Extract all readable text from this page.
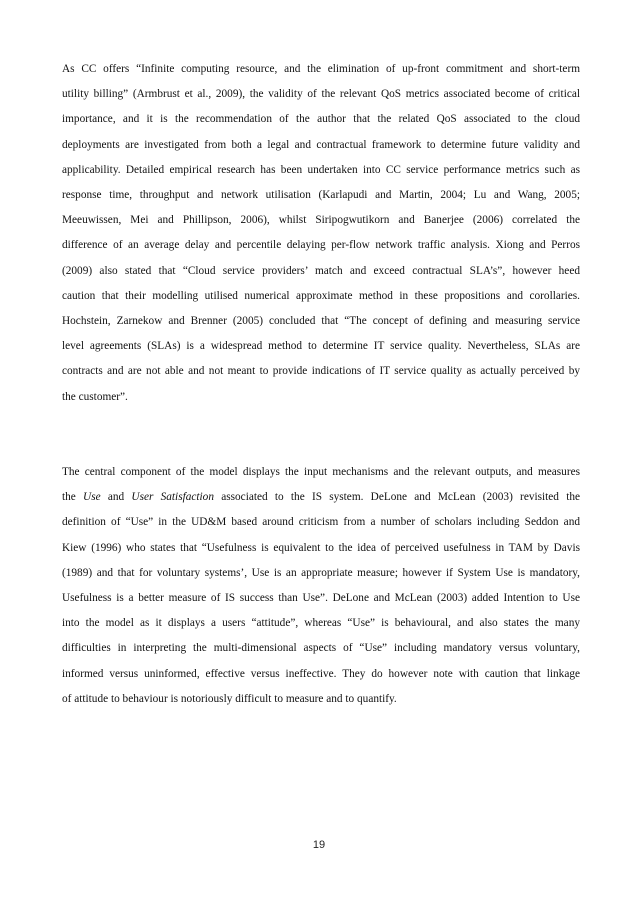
As CC offers “Infinite computing resource, and the elimination of up-front commitment and short-term
utility billing” (Armbrust et al., 2009), the validity of the relevant QoS metrics associated become of critical
importance, and it is the recommendation of the author that the related QoS associated to the cloud
deployments are investigated from both a legal and contractual framework to determine future validity and
applicability. Detailed empirical research has been undertaken into CC service performance metrics such as
response time, throughput and network utilisation (Karlapudi and Martin, 2004; Lu and Wang, 2005;
Meeuwissen, Mei and Phillipson, 2006), whilst Siripogwutikorn and Banerjee (2006) correlated the
difference of an average delay and percentile delaying per-flow network traffic analysis. Xiong and Perros
(2009) also stated that “Cloud service providers’ match and exceed contractual SLA’s”, however heed
caution that their modelling utilised numerical approximate method in these propositions and corollaries.
Hochstein, Zarnekow and Brenner (2005) concluded that “The concept of defining and measuring service
level agreements (SLAs) is a widespread method to determine IT service quality. Nevertheless, SLAs are
contracts and are not able and not meant to provide indications of IT service quality as actually perceived by
the customer”.
The central component of the model displays the input mechanisms and the relevant outputs, and measures
the Use and User Satisfaction associated to the IS system. DeLone and McLean (2003) revisited the
definition of “Use” in the UD&M based around criticism from a number of scholars including Seddon and
Kiew (1996) who states that “Usefulness is equivalent to the idea of perceived usefulness in TAM by Davis
(1989) and that for voluntary systems’, Use is an appropriate measure; however if System Use is mandatory,
Usefulness is a better measure of IS success than Use”. DeLone and McLean (2003) added Intention to Use
into the model as it displays a users “attitude”, whereas “Use” is behavioural, and also states the many
difficulties in interpreting the multi-dimensional aspects of “Use” including mandatory versus voluntary,
informed versus uninformed, effective versus ineffective. They do however note with caution that linkage
of attitude to behaviour is notoriously difficult to measure and to quantify.
19
